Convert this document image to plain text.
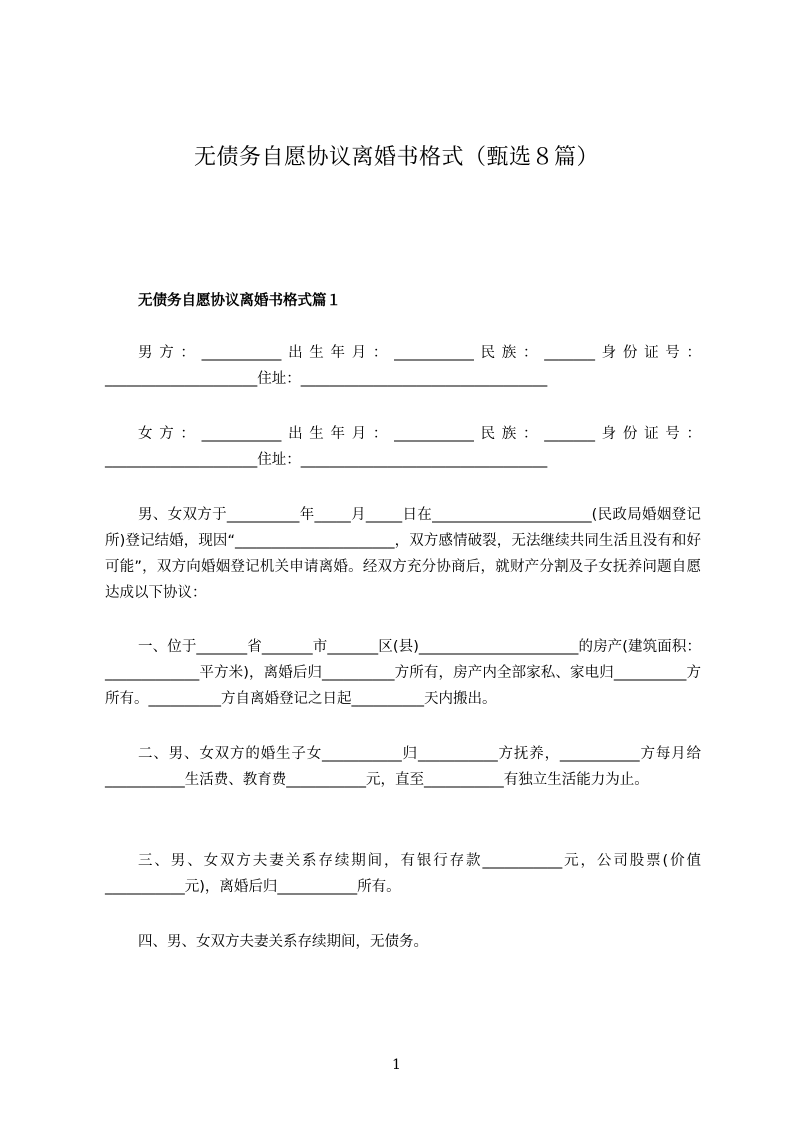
无债务自愿协议离婚书格式（甄选８篇）
无债务自愿协议离婚书格式篇１

男方：___________出生年月：___________民族：_______身份证号：_____________________住址：__________________________________

女方：___________出生年月：___________民族：_______身份证号：_____________________住址：__________________________________

男、女双方于__________年_____月_____日在______________________(民政局婚姻登记所)登记结婚，现因“______________________，双方感情破裂，无法继续共同生活且没有和好可能”，双方向婚姻登记机关申请离婚。经双方充分协商后，就财产分割及子女抚养问题自愿达成以下协议：

一、位于_______省_______市_______区(县)______________________的房产(建筑面积：_____________平方米)，离婚后归__________方所有，房产内全部家私、家电归__________方所有。__________方自离婚登记之日起__________天内搬出。

二、男、女双方的婚生子女___________归___________方抚养，___________方每月给___________生活费、教育费___________元，直至___________有独立生活能力为止。

三、男、女双方夫妻关系存续期间，有银行存款___________元，公司股票(价值___________元)，离婚后归___________所有。

四、男、女双方夫妻关系存续期间，无债务。

1
